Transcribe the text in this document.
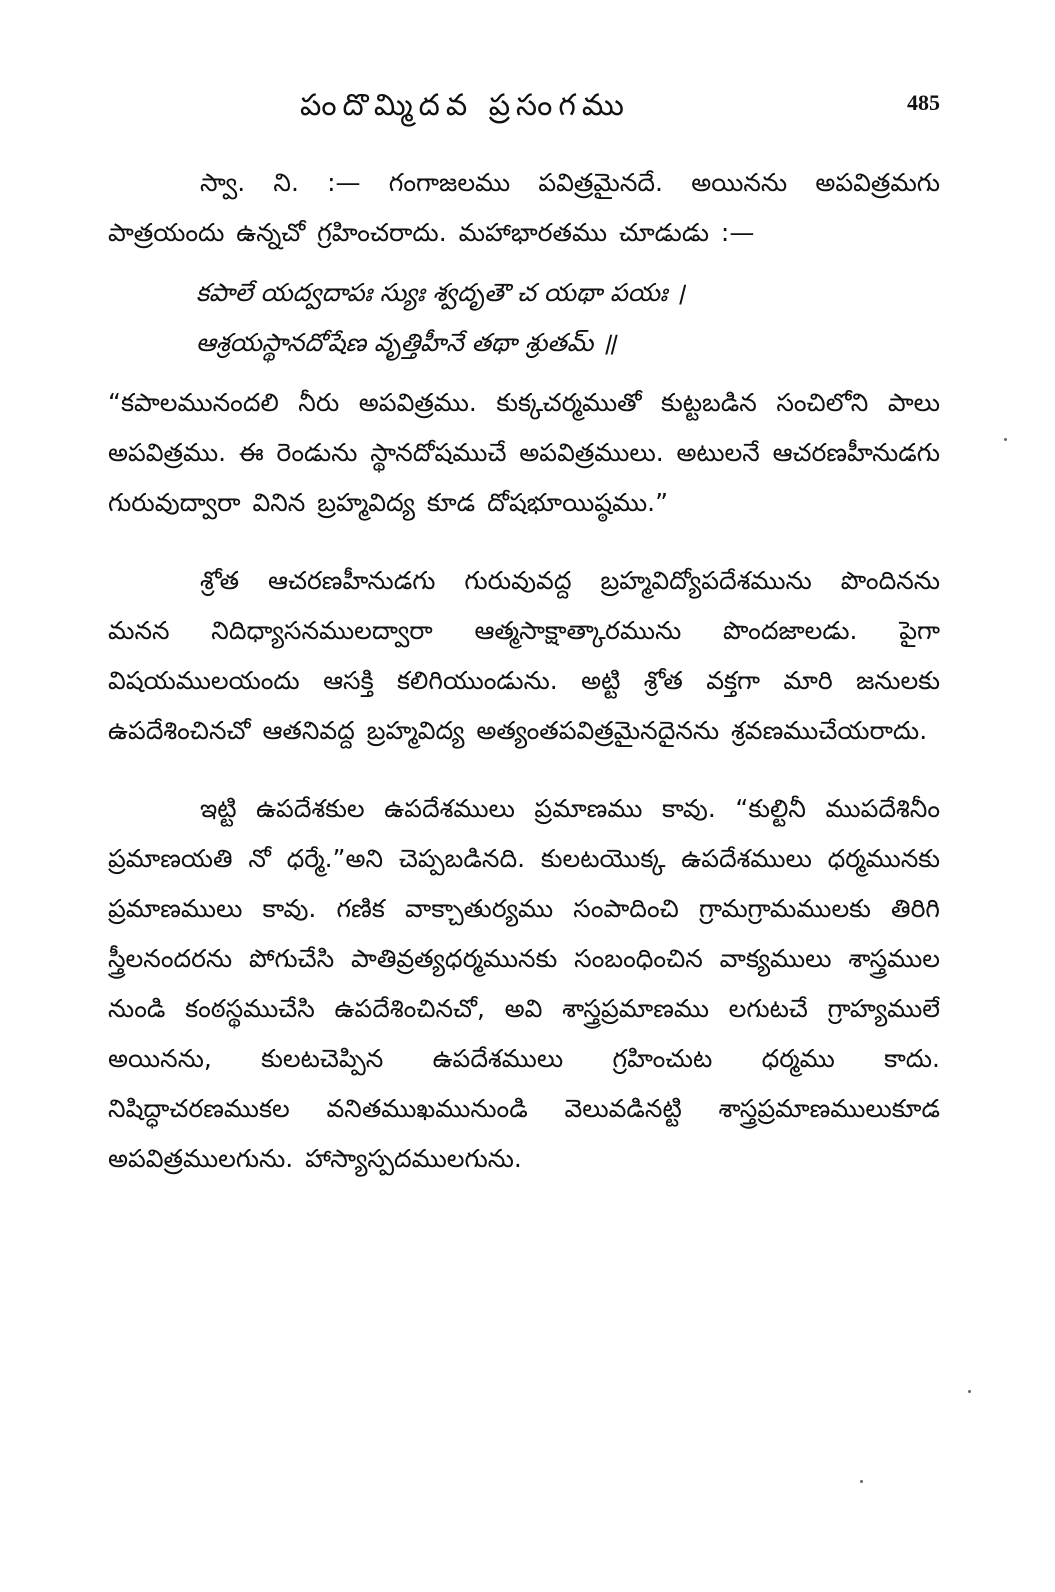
పందొమ్మిదవ ప్రసంగము	485

స్వా. ని. :— గంగాజలము పవిత్రమైనదే. అయినను అపవిత్రమగు పాత్రయందు ఉన్నచో గ్రహించరాదు. మహాభారతము చూడుడు :—

కపాలే యద్వదాపః స్యుః శ్వదృతౌ చ యథా పయః ।
ఆశ్రయస్థానదోషేణ వృత్తిహీనే తథా శ్రుతమ్ ॥

“కపాలమునందలి నీరు అపవిత్రము. కుక్కచర్మముతో కుట్టబడిన సంచిలోని పాలు అపవిత్రము. ఈ రెండును స్థానదోషముచే అపవిత్రములు. అటులనే ఆచరణహీనుడగు గురువుద్వారా వినిన బ్రహ్మవిద్య కూడ దోషభూయిష్ఠము.”

శ్రోత ఆచరణహీనుడగు గురువువద్ద బ్రహ్మవిద్యోపదేశమును పొందినను మనన నిదిధ్యాసనములద్వారా ఆత్మసాక్షాత్కారమును పొందజాలడు. పైగా విషయములయందు ఆసక్తి కలిగియుండును. అట్టి శ్రోత వక్తగా మారి జనులకు ఉపదేశించినచో ఆతనివద్ద బ్రహ్మవిద్య అత్యంతపవిత్రమైనదైనను శ్రవణముచేయరాదు.

ఇట్టి ఉపదేశకుల ఉపదేశములు ప్రమాణము కావు. “కుల్టినీ ముపదేశినీం ప్రమాణయతి నో ధర్మే.”అని చెప్పబడినది. కులటయొక్క ఉపదేశములు ధర్మమునకు ప్రమాణములు కావు. గణిక వాక్చాతుర్యము సంపాదించి గ్రామగ్రామములకు తిరిగి స్త్రీలనందరను పోగుచేసి పాతివ్రత్యధర్మమునకు సంబంధించిన వాక్యములు శాస్త్రముల నుండి కంఠస్థముచేసి ఉపదేశించినచో, అవి శాస్త్రప్రమాణము లగుటచే గ్రాహ్యములే అయినను, కులటచెప్పిన ఉపదేశములు గ్రహించుట ధర్మము కాదు. నిషిద్ధాచరణముకల వనితముఖమునుండి వెలువడినట్టి శాస్త్రప్రమాణములుకూడ అపవిత్రములగును. హాస్యాస్పదములగును.
